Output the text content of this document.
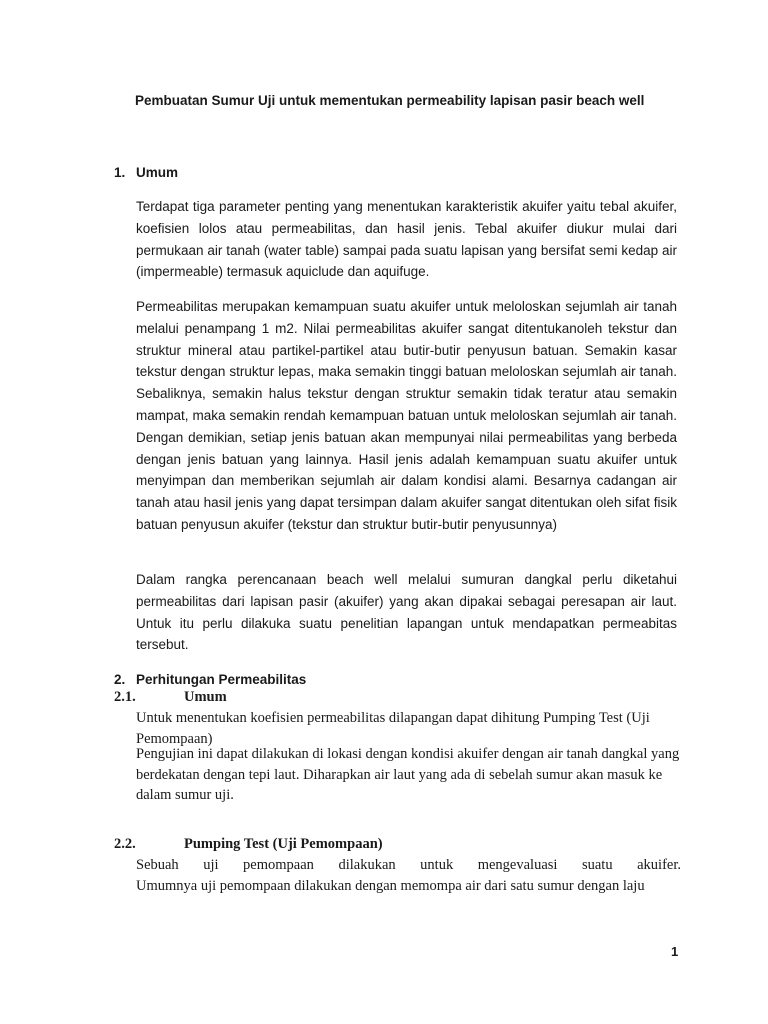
Pembuatan Sumur Uji untuk mementukan permeability lapisan pasir beach well
1. Umum

Terdapat tiga parameter penting yang menentukan karakteristik akuifer yaitu tebal akuifer, koefisien lolos atau permeabilitas, dan hasil jenis. Tebal akuifer diukur mulai dari permukaan air tanah (water table) sampai pada suatu lapisan yang bersifat semi kedap air (impermeable) termasuk aquiclude dan aquifuge.

Permeabilitas merupakan kemampuan suatu akuifer untuk meloloskan sejumlah air tanah melalui penampang 1 m2. Nilai permeabilitas akuifer sangat ditentukanoleh tekstur dan struktur mineral atau partikel-partikel atau butir-butir penyusun batuan. Semakin kasar tekstur dengan struktur lepas, maka semakin tinggi batuan meloloskan sejumlah air tanah. Sebaliknya, semakin halus tekstur dengan struktur semakin tidak teratur atau semakin mampat, maka semakin rendah kemampuan batuan untuk meloloskan sejumlah air tanah. Dengan demikian, setiap jenis batuan akan mempunyai nilai permeabilitas yang berbeda dengan jenis batuan yang lainnya. Hasil jenis adalah kemampuan suatu akuifer untuk menyimpan dan memberikan sejumlah air dalam kondisi alami. Besarnya cadangan air tanah atau hasil jenis yang dapat tersimpan dalam akuifer sangat ditentukan oleh sifat fisik batuan penyusun akuifer (tekstur dan struktur butir-butir penyusunnya)

Dalam rangka perencanaan beach well melalui sumuran dangkal perlu diketahui permeabilitas dari lapisan pasir (akuifer) yang akan dipakai sebagai peresapan air laut. Untuk itu perlu dilakuka suatu penelitian lapangan untuk mendapatkan permeabitas tersebut.

2. Perhitungan Permeabilitas
2.1.	Umum

Untuk menentukan koefisien permeabilitas dilapangan dapat dihitung Pumping Test (Uji Pemompaan)

Pengujian ini dapat dilakukan di lokasi dengan kondisi akuifer dengan air tanah dangkal yang berdekatan dengan tepi laut. Diharapkan air laut yang ada di sebelah sumur akan masuk ke dalam sumur uji.

2.2.	Pumping Test (Uji Pemompaan)

Sebuah uji pemompaan dilakukan untuk mengevaluasi suatu akuifer.

Umumnya uji pemompaan dilakukan dengan memompa air dari satu sumur dengan laju

1
